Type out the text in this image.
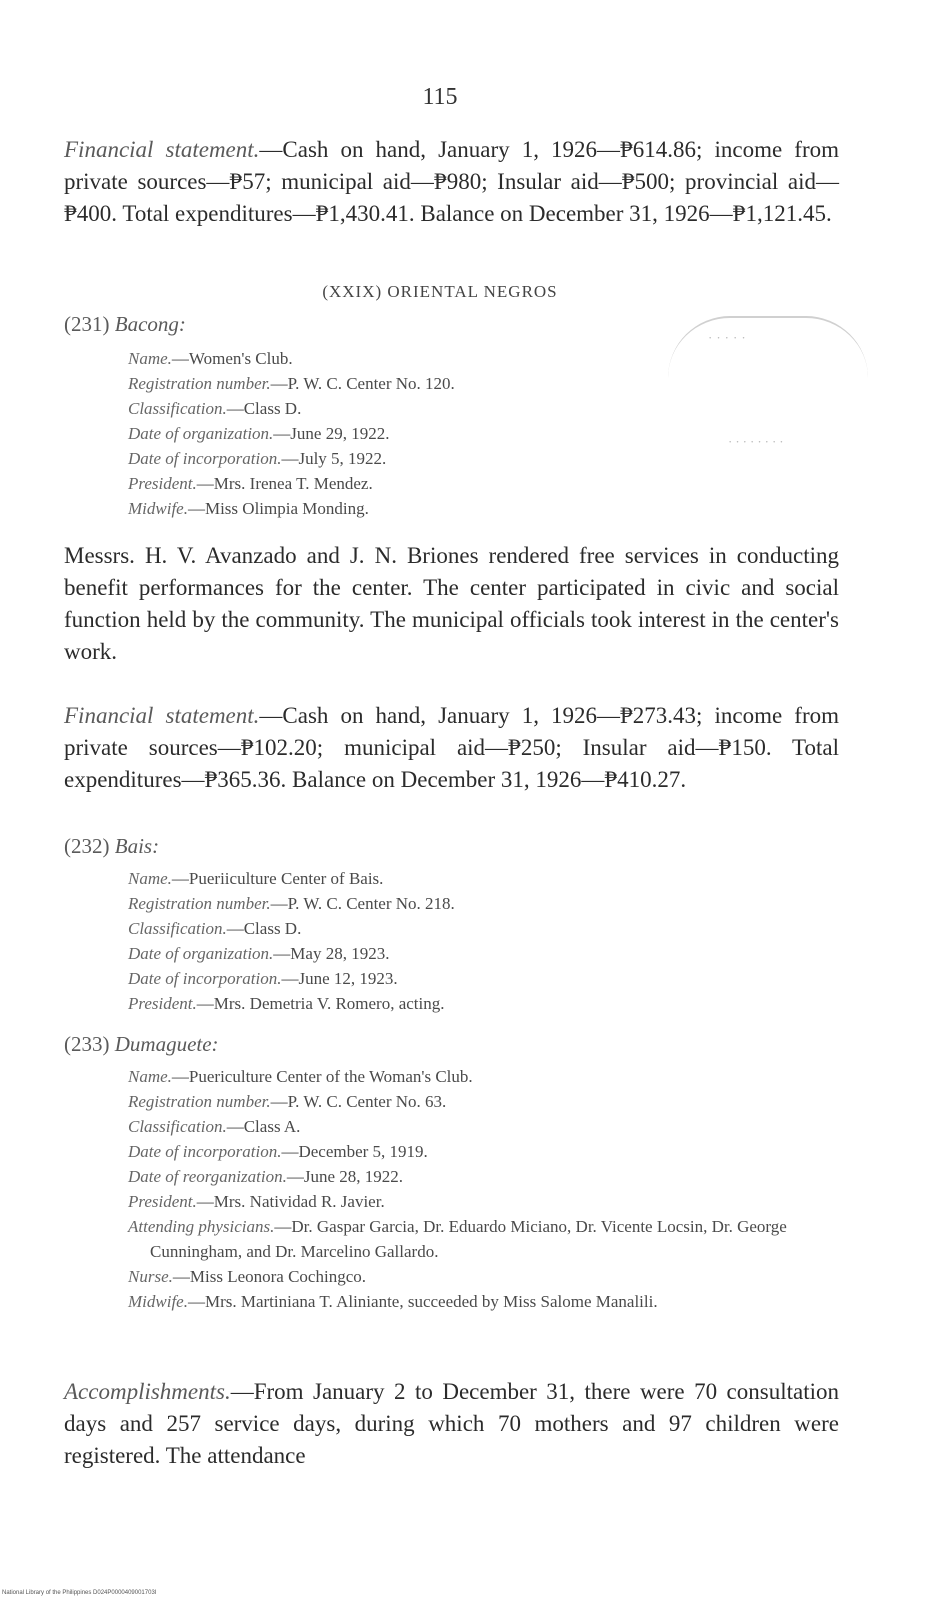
115
Financial statement.—Cash on hand, January 1, 1926—₱614.86; income from private sources—₱57; municipal aid—₱980; Insular aid—₱500; provincial aid—₱400. Total expenditures—₱1,430.41. Balance on December 31, 1926—₱1,121.45.
(XXIX) ORIENTAL NEGROS
(231) Bacong:
·····
········
Name.—Women's Club.
Registration number.—P. W. C. Center No. 120.
Classification.—Class D.
Date of organization.—June 29, 1922.
Date of incorporation.—July 5, 1922.
President.—Mrs. Irenea T. Mendez.
Midwife.—Miss Olimpia Monding.
Messrs. H. V. Avanzado and J. N. Briones rendered free services in conducting benefit performances for the center. The center participated in civic and social function held by the community. The municipal officials took interest in the center's work.
Financial statement.—Cash on hand, January 1, 1926—₱273.43; income from private sources—₱102.20; municipal aid—₱250; Insular aid—₱150. Total expenditures—₱365.36. Balance on December 31, 1926—₱410.27.
(232) Bais:
Name.—Pueriiculture Center of Bais.
Registration number.—P. W. C. Center No. 218.
Classification.—Class D.
Date of organization.—May 28, 1923.
Date of incorporation.—June 12, 1923.
President.—Mrs. Demetria V. Romero, acting.
(233) Dumaguete:
Name.—Puericulture Center of the Woman's Club.
Registration number.—P. W. C. Center No. 63.
Classification.—Class A.
Date of incorporation.—December 5, 1919.
Date of reorganization.—June 28, 1922.
President.—Mrs. Natividad R. Javier.
Attending physicians.—Dr. Gaspar Garcia, Dr. Eduardo Miciano, Dr. Vicente Locsin, Dr. George Cunningham, and Dr. Marcelino Gallardo.
Nurse.—Miss Leonora Cochingco.
Midwife.—Mrs. Martiniana T. Aliniante, succeeded by Miss Salome Manalili.
Accomplishments.—From January 2 to December 31, there were 70 consultation days and 257 service days, during which 70 mothers and 97 children were registered. The attendance
National Library of the Philippines D024P0000409001703I
